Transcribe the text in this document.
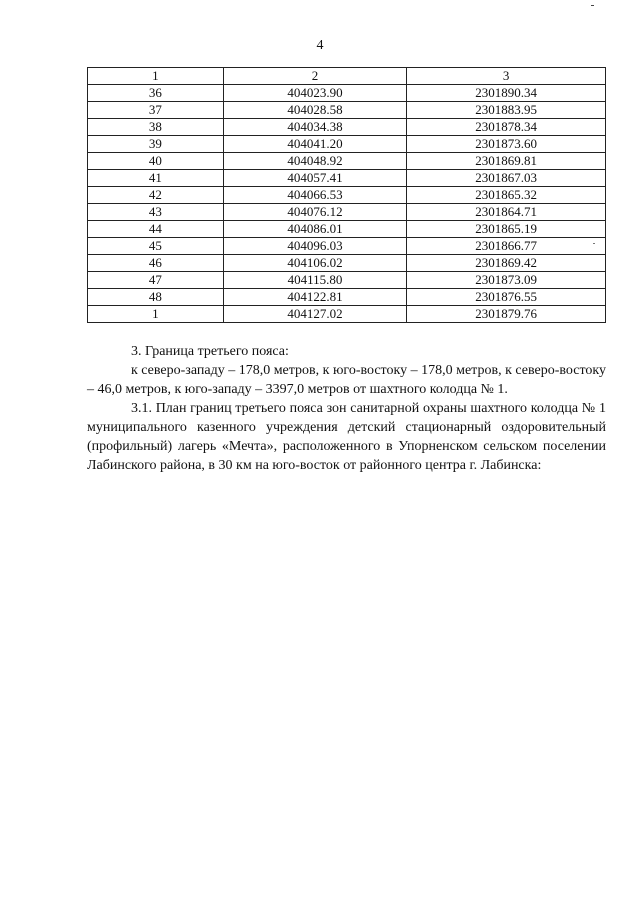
4
1	2	3
36	404023.90	2301890.34
37	404028.58	2301883.95
38	404034.38	2301878.34
39	404041.20	2301873.60
40	404048.92	2301869.81
41	404057.41	2301867.03
42	404066.53	2301865.32
43	404076.12	2301864.71
44	404086.01	2301865.19
45	404096.03	2301866.77
46	404106.02	2301869.42
47	404115.80	2301873.09
48	404122.81	2301876.55
1	404127.02	2301879.76

3. Граница третьего пояса:

к северо-западу – 178,0 метров, к юго-востоку – 178,0 метров, к северо-востоку – 46,0 метров, к юго-западу – 3397,0 метров от шахтного колодца № 1.

3.1. План границ третьего пояса зон санитарной охраны шахтного колодца № 1 муниципального казенного учреждения детский стационарный оздоровительный (профильный) лагерь «Мечта», расположенного в Упорненском сельском поселении Лабинского района, в 30 км на юго-восток от районного центра г. Лабинска:
